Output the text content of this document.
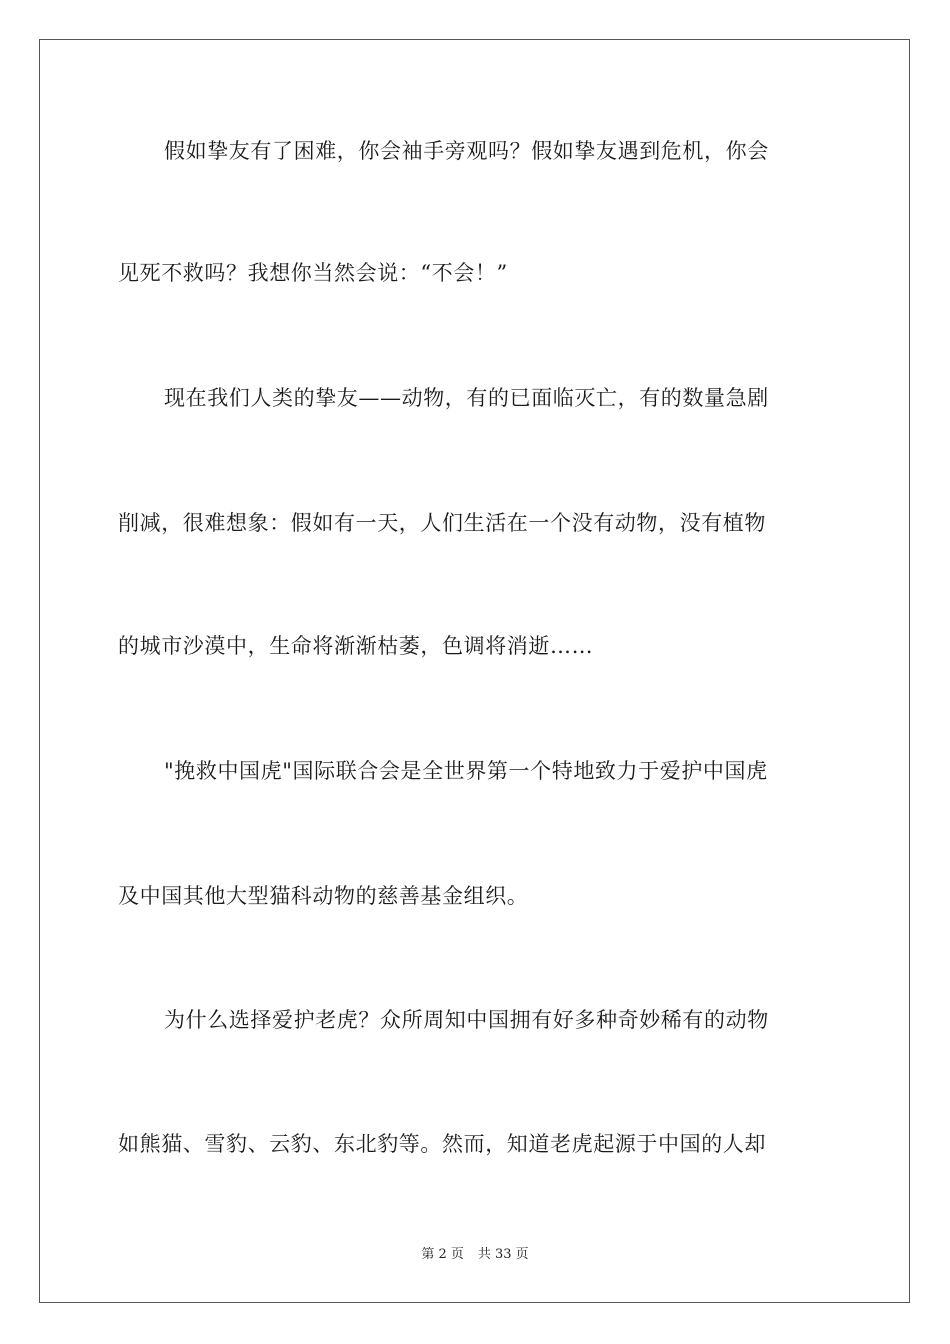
假如挚友有了困难，你会袖手旁观吗？假如挚友遇到危机，你会
见死不救吗？我想你当然会说：“不会！”
现在我们人类的挚友——动物，有的已面临灭亡，有的数量急剧
削减，很难想象：假如有一天，人们生活在一个没有动物，没有植物
的城市沙漠中，生命将渐渐枯萎，色调将消逝……
"挽救中国虎"国际联合会是全世界第一个特地致力于爱护中国虎
及中国其他大型猫科动物的慈善基金组织。
为什么选择爱护老虎？众所周知中国拥有好多种奇妙稀有的动物
如熊猫、雪豹、云豹、东北豹等。然而，知道老虎起源于中国的人却
第 2 页 共 33 页
